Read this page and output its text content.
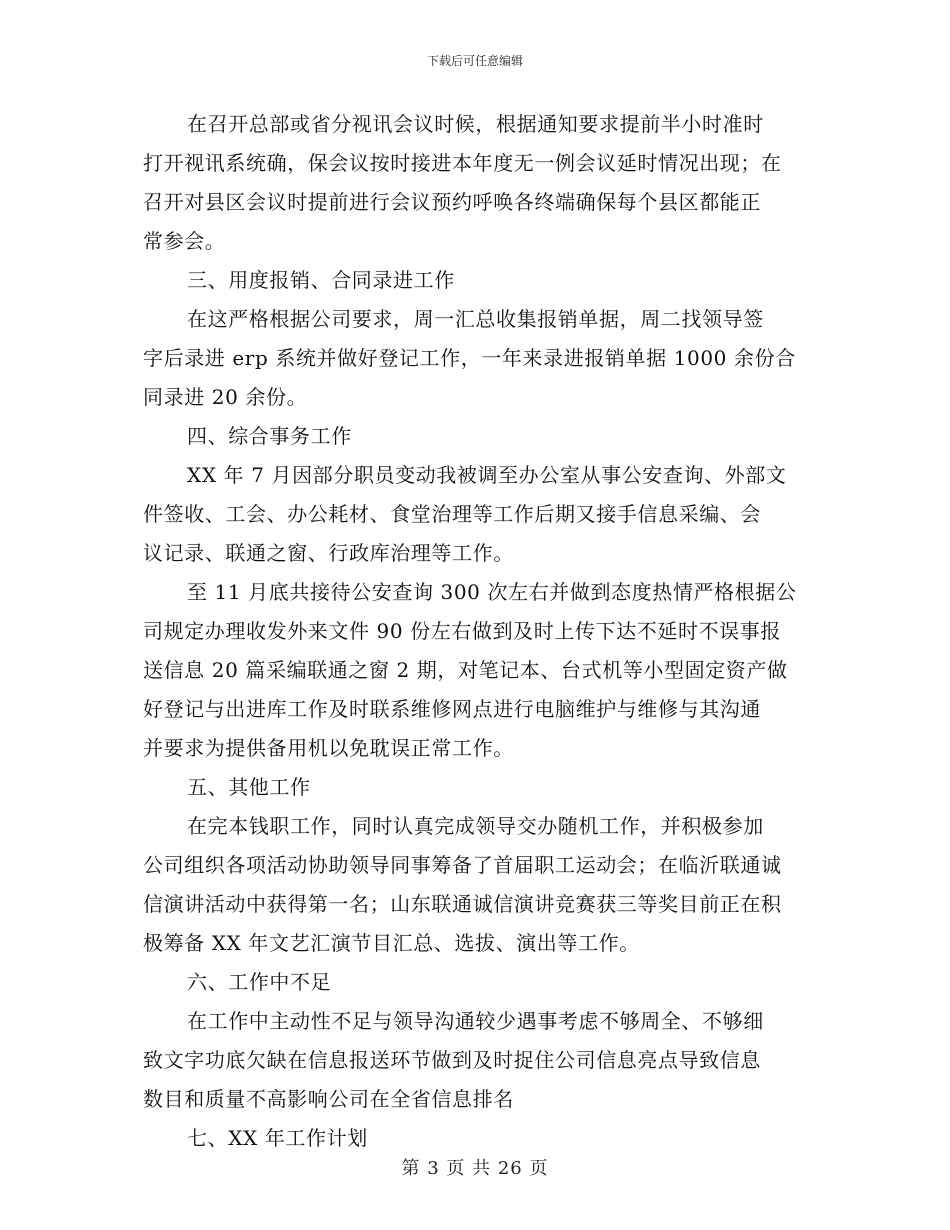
下载后可任意编辑
在召开总部或省分视讯会议时候，根据通知要求提前半小时准时
打开视讯系统确，保会议按时接进本年度无一例会议延时情况出现；在
召开对县区会议时提前进行会议预约呼唤各终端确保每个县区都能正
常参会。
三、用度报销、合同录进工作
在这严格根据公司要求，周一汇总收集报销单据，周二找领导签
字后录进 erp 系统并做好登记工作，一年来录进报销单据 1000 余份合
同录进 20 余份。
四、综合事务工作
XX 年 7 月因部分职员变动我被调至办公室从事公安查询、外部文
件签收、工会、办公耗材、食堂治理等工作后期又接手信息采编、会
议记录、联通之窗、行政库治理等工作。
至 11 月底共接待公安查询 300 次左右并做到态度热情严格根据公
司规定办理收发外来文件 90 份左右做到及时上传下达不延时不误事报
送信息 20 篇采编联通之窗 2 期，对笔记本、台式机等小型固定资产做
好登记与出进库工作及时联系维修网点进行电脑维护与维修与其沟通
并要求为提供备用机以免耽误正常工作。
五、其他工作
在完本钱职工作，同时认真完成领导交办随机工作，并积极参加
公司组织各项活动协助领导同事筹备了首届职工运动会；在临沂联通诚
信演讲活动中获得第一名；山东联通诚信演讲竞赛获三等奖目前正在积
极筹备 XX 年文艺汇演节目汇总、选拔、演出等工作。
六、工作中不足
在工作中主动性不足与领导沟通较少遇事考虑不够周全、不够细
致文字功底欠缺在信息报送环节做到及时捉住公司信息亮点导致信息
数目和质量不高影响公司在全省信息排名
七、XX 年工作计划
第 3 页 共 26 页
